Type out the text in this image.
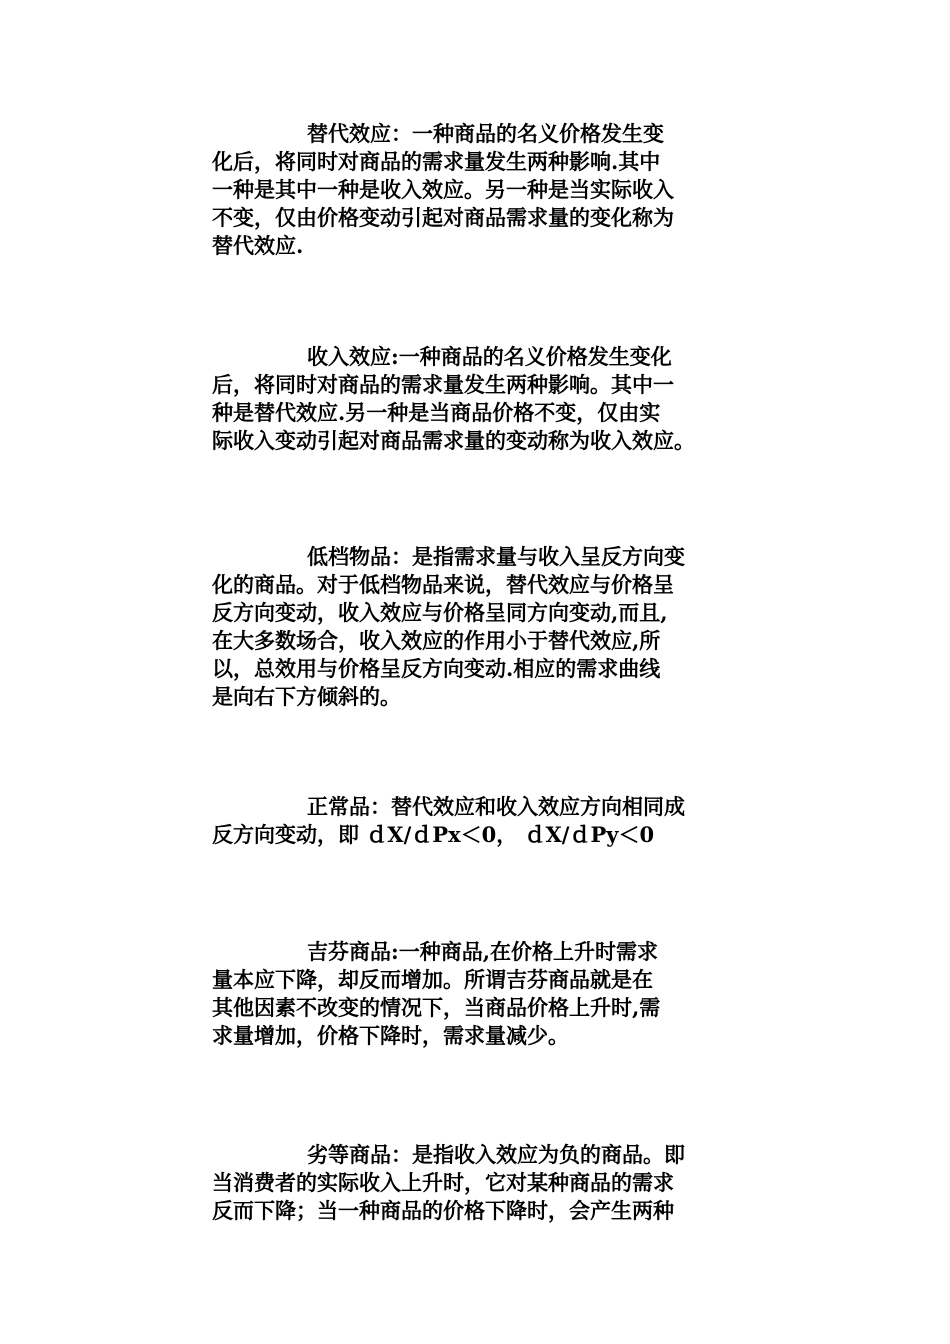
替代效应：一种商品的名义价格发生变
化后，将同时对商品的需求量发生两种影响.其中
一种是其中一种是收入效应。另一种是当实际收入
不变，仅由价格变动引起对商品需求量的变化称为
替代效应.
收入效应:一种商品的名义价格发生变化
后，将同时对商品的需求量发生两种影响。其中一
种是替代效应.另一种是当商品价格不变，仅由实
际收入变动引起对商品需求量的变动称为收入效应。
低档物品：是指需求量与收入呈反方向变
化的商品。对于低档物品来说，替代效应与价格呈
反方向变动，收入效应与价格呈同方向变动,而且,
在大多数场合，收入效应的作用小于替代效应,所
以，总效用与价格呈反方向变动.相应的需求曲线
是向右下方倾斜的。
正常品：替代效应和收入效应方向相同成
反方向变动，即 ｄX/ｄPx＜0， ｄX/ｄPy＜0
吉芬商品:一种商品,在价格上升时需求
量本应下降，却反而增加。所谓吉芬商品就是在
其他因素不改变的情况下，当商品价格上升时,需
求量增加，价格下降时，需求量减少。
劣等商品：是指收入效应为负的商品。即
当消费者的实际收入上升时，它对某种商品的需求
反而下降；当一种商品的价格下降时，会产生两种
